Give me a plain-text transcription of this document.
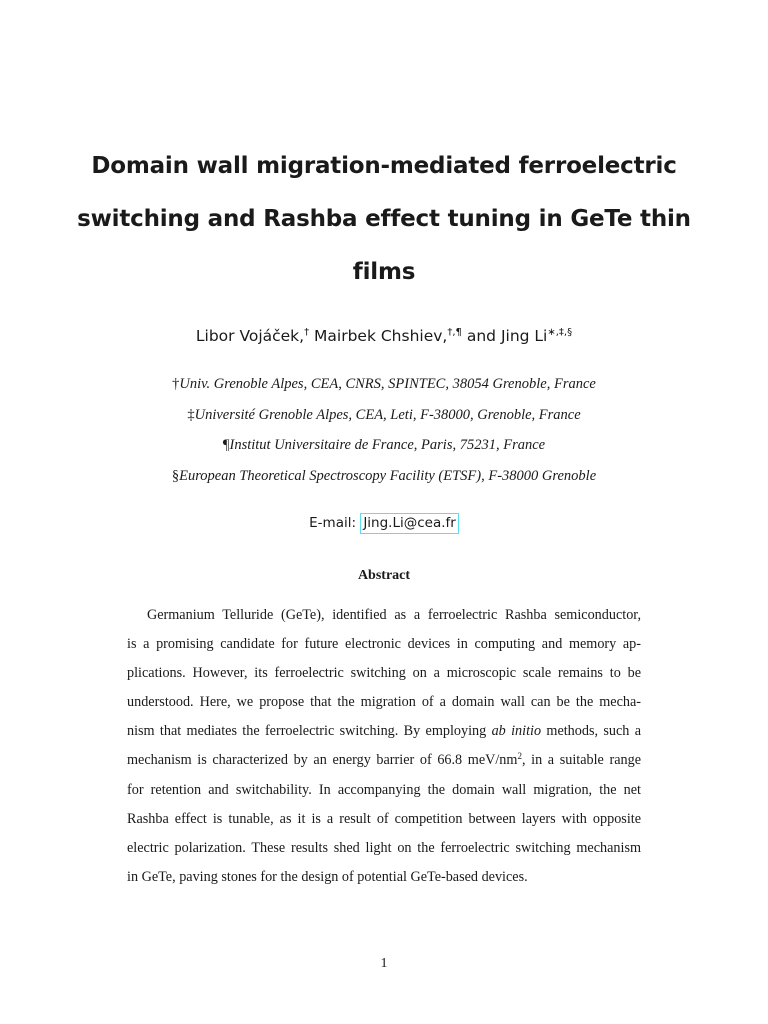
Domain wall migration-mediated ferroelectric
switching and Rashba effect tuning in GeTe thin
films
Libor Vojáček,† Mairbek Chshiev,†,¶ and Jing Li∗,‡,§
†Univ. Grenoble Alpes, CEA, CNRS, SPINTEC, 38054 Grenoble, France
‡Université Grenoble Alpes, CEA, Leti, F-38000, Grenoble, France
¶Institut Universitaire de France, Paris, 75231, France
§European Theoretical Spectroscopy Facility (ETSF), F-38000 Grenoble
E-mail: Jing.Li@cea.fr
Abstract
Germanium Telluride (GeTe), identified as a ferroelectric Rashba semiconductor,
is a promising candidate for future electronic devices in computing and memory ap-
plications. However, its ferroelectric switching on a microscopic scale remains to be
understood. Here, we propose that the migration of a domain wall can be the mecha-
nism that mediates the ferroelectric switching. By employing ab initio methods, such a
mechanism is characterized by an energy barrier of 66.8 meV/$nm^2$, in a suitable range
for retention and switchability. In accompanying the domain wall migration, the net
Rashba effect is tunable, as it is a result of competition between layers with opposite
electric polarization. These results shed light on the ferroelectric switching mechanism
in GeTe, paving stones for the design of potential GeTe-based devices.
1
